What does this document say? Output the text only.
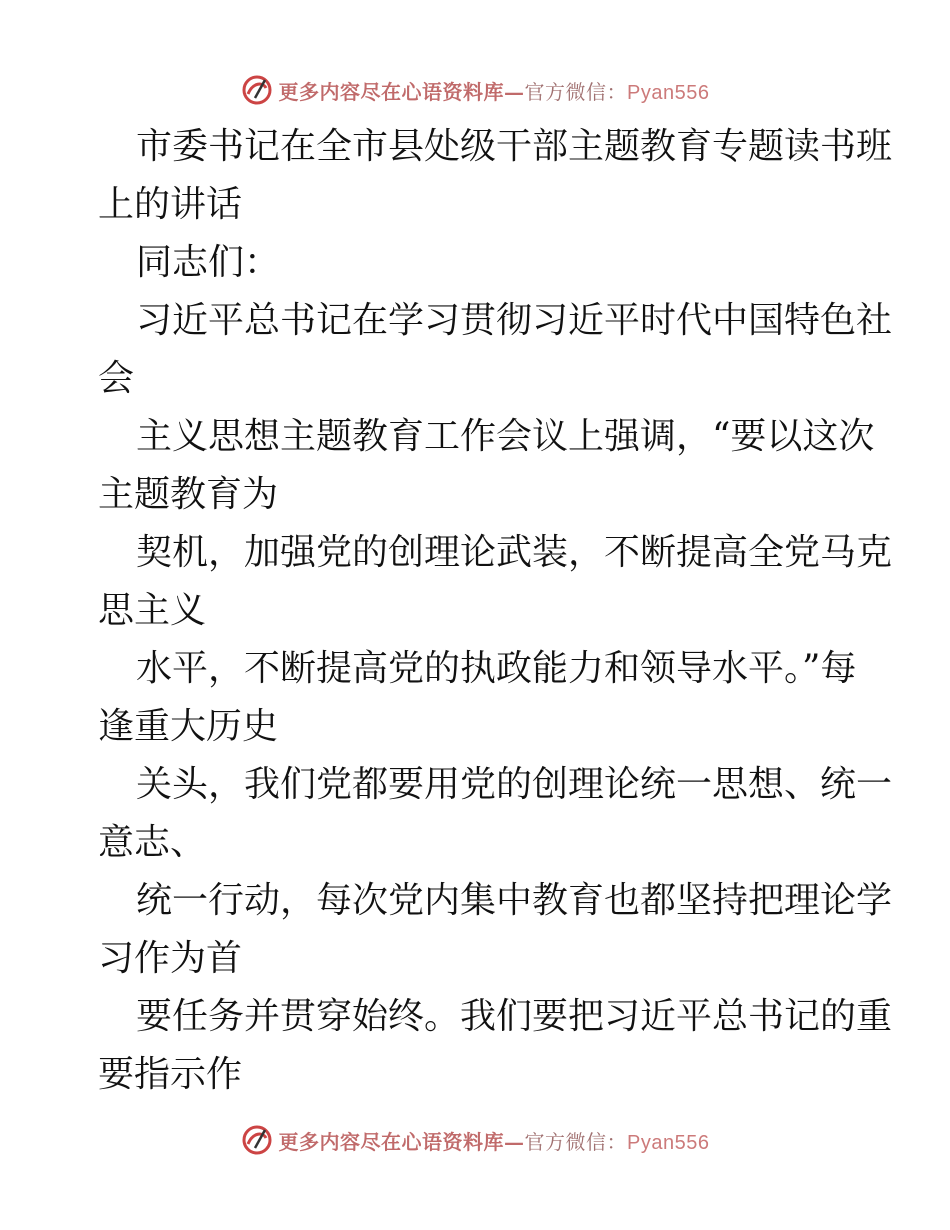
更多内容尽在心语资料库—官方微信：Pyan556
市委书记在全市县处级干部主题教育专题读书班
上的讲话
同志们：
习近平总书记在学习贯彻习近平时代中国特色社
会
主义思想主题教育工作会议上强调，“要以这次
主题教育为
契机，加强党的创理论武装，不断提高全党马克
思主义
水平，不断提高党的执政能力和领导水平。”每
逢重大历史
关头，我们党都要用党的创理论统一思想、统一
意志、
统一行动，每次党内集中教育也都坚持把理论学
习作为首
要任务并贯穿始终。我们要把习近平总书记的重
要指示作
更多内容尽在心语资料库—官方微信：Pyan556
